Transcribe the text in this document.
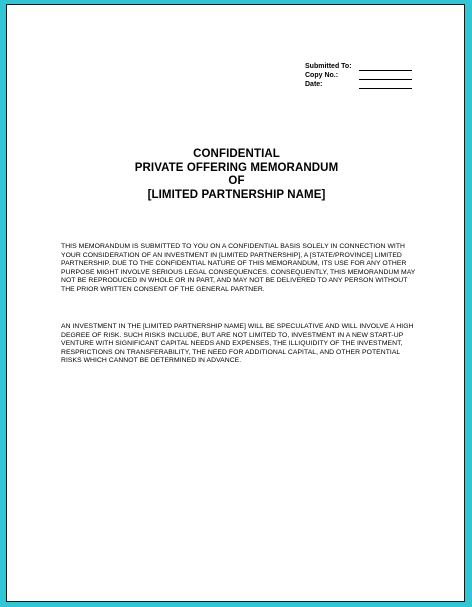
Submitted To:
Copy No.:
Date:
CONFIDENTIAL
PRIVATE OFFERING MEMORANDUM
OF
[LIMITED PARTNERSHIP NAME]
THIS MEMORANDUM IS SUBMITTED TO YOU ON A CONFIDENTIAL BASIS SOLELY IN CONNECTION WITH YOUR CONSIDERATION OF AN INVESTMENT IN [LIMITED PARTNERSHIP], A [STATE/PROVINCE] LIMITED PARTNERSHIP. DUE TO THE CONFIDENTIAL NATURE OF THIS MEMORANDUM, ITS USE FOR ANY OTHER PURPOSE MIGHT INVOLVE SERIOUS LEGAL CONSEQUENCES. CONSEQUENTLY, THIS MEMORANDUM MAY NOT BE REPRODUCED IN WHOLE OR IN PART, AND MAY NOT BE DELIVERED TO ANY PERSON WITHOUT THE PRIOR WRITTEN CONSENT OF THE GENERAL PARTNER.
AN INVESTMENT IN THE [LIMITED PARTNERSHIP NAME] WILL BE SPECULATIVE AND WILL INVOLVE A HIGH DEGREE OF RISK. SUCH RISKS INCLUDE, BUT ARE NOT LIMITED TO, INVESTMENT IN A NEW START-UP VENTURE WITH SIGNIFICANT CAPITAL NEEDS AND EXPENSES, THE ILLIQUIDITY OF THE INVESTMENT, RESPRICTIONS ON TRANSFERABILITY, THE NEED FOR ADDITIONAL CAPITAL, AND OTHER POTENTIAL RISKS WHICH CANNOT BE DETERMINED IN ADVANCE.
